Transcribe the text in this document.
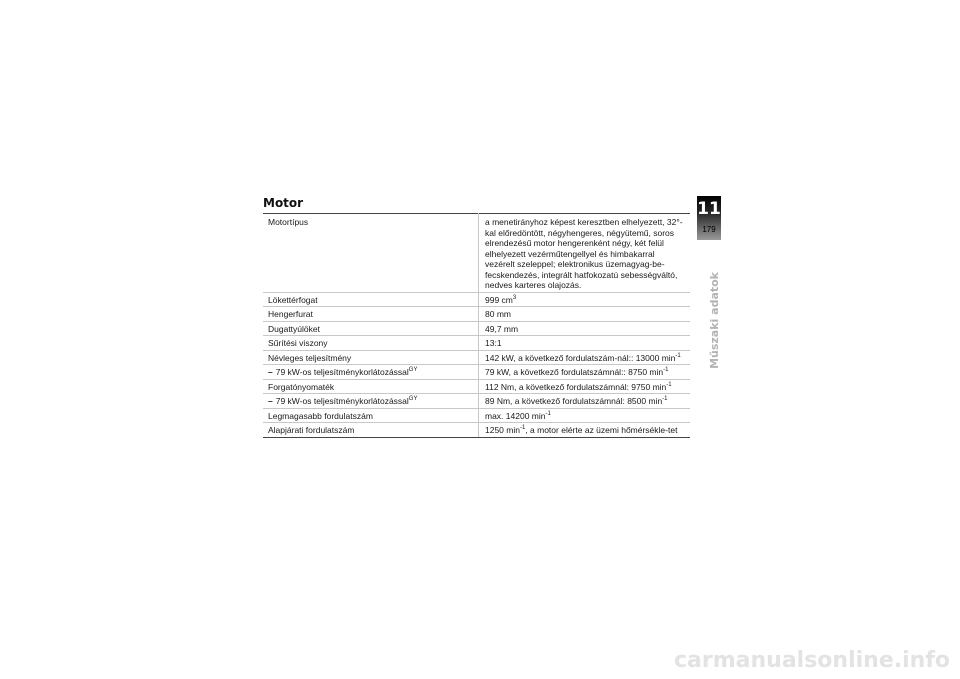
Motor
Motortípus	a menetirányhoz képest keresztben elhelyezett, 32°-kal előredöntött, négyhengeres, négyütemű, soros elrendezésű motor hengerenként négy, két felül elhelyezett vezérműtengellyel és himbakarral vezérelt szeleppel; elektronikus üzemagyag-be-fecskendezés, integrált hatfokozatú sebességváltó, nedves karteres olajozás.
Lökettérfogat	999 $cm^3$
Hengerfurat	80 mm
Dugattyúlöket	49,7 mm
Sűrítési viszony	13:1
Névleges teljesítmény	142 kW, a következő fordulatszám-nál:: 13000 $\min^{-1}$
– 79 kW-os teljesítménykorlátozással$^{GY}$	79 kW, a következő fordulatszámnál:: 8750 $\min^{-1}$
Forgatónyomaték	112 Nm, a következő fordulatszámnál: 9750 $\min^{-1}$
– 79 kW-os teljesítménykorlátozással$^{GY}$	89 Nm, a következő fordulatszámnál: 8500 $\min^{-1}$
Legmagasabb fordulatszám	max. 14200 $\min^{-1}$
Alapjárati fordulatszám	1250 $\min^{-1}$, a motor elérte az üzemi hőmérsékle-tet
11
179
Műszaki adatok
carmanualsonline.info
